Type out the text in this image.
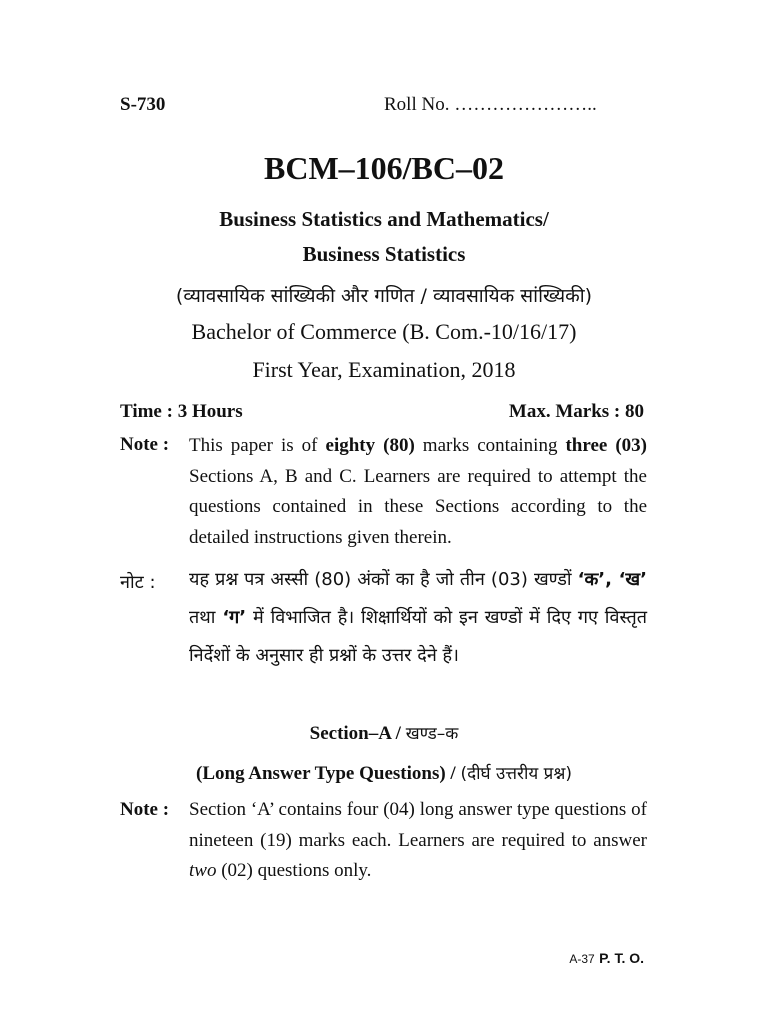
S-730	Roll No. …………………..
BCM–106/BC–02
Business Statistics and Mathematics/
Business Statistics
(व्यावसायिक सांख्यिकी और गणित / व्यावसायिक सांख्यिकी)
Bachelor of Commerce (B. Com.-10/16/17)
First Year, Examination, 2018
Time : 3 Hours	Max. Marks : 80
Note : This paper is of eighty (80) marks containing three (03) Sections A, B and C. Learners are required to attempt the questions contained in these Sections according to the detailed instructions given therein.
नोट : यह प्रश्न पत्र अस्सी (80) अंकों का है जो तीन (03) खण्डों ‘क’, ‘ख’ तथा ‘ग’ में विभाजित है। शिक्षार्थियों को इन खण्डों में दिए गए विस्तृत निर्देशों के अनुसार ही प्रश्नों के उत्तर देने हैं।
Section–A / खण्ड–क
(Long Answer Type Questions) / (दीर्घ उत्तरीय प्रश्न)
Note : Section ‘A’ contains four (04) long answer type questions of nineteen (19) marks each. Learners are required to answer two (02) questions only.
A-37 P. T. O.
